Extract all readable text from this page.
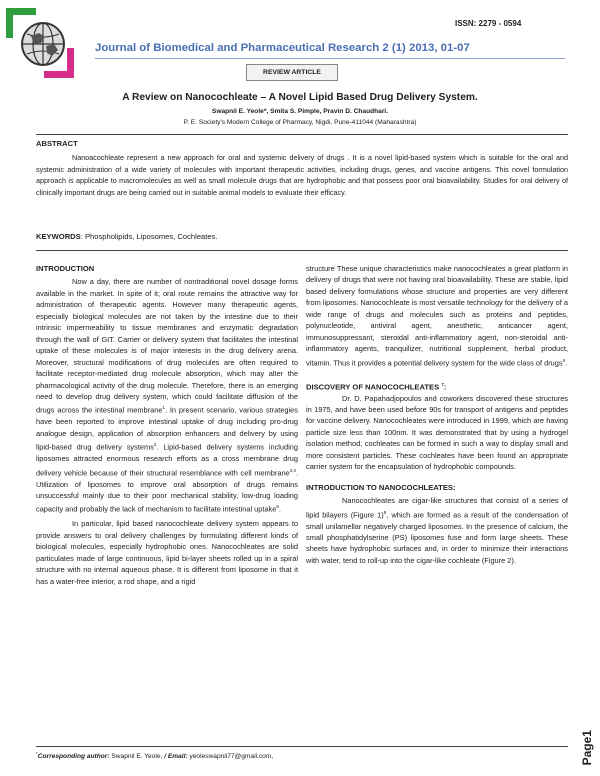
ISSN: 2279 - 0594
Journal of Biomedical and Pharmaceutical Research 2 (1) 2013, 01-07
REVIEW ARTICLE
A Review on Nanocochleate – A Novel Lipid Based Drug Delivery System.
Swapnil E. Yeole*, Smita S. Pimple, Pravin D. Chaudhari.
P. E. Society's Modern College of Pharmacy, Nigdi, Pune-411044 (Maharashtra)
ABSTRACT
Nanoacochleate represent a new approach for oral and systemic delivery of drugs . It is a novel lipid-based system which is suitable for the oral and systemic administration of a wide variety of molecules with important therapeutic activities, including drugs, genes, and vaccine antigens. This novel formulation approach is applicable to macromolecules as well as small molecule drugs that are hydrophobic and that possess poor oral bioavailability. Studies for oral delivery of clinically important drugs are being carried out in suitable animal models to evaluate their efficacy.
KEYWORDS: Phospholipids, Liposomes, Cochleates.
INTRODUCTION

Now a day, there are number of nontraditional novel dosage forms available in the market. In spite of it; oral route remains the attractive way for administration of therapeutic agents. However many therapeutic agents, especially biological molecules are not taken by the intestine due to their intrinsic impermeability to tissue membranes and enzymatic degradation through the wall of GIT. Carrier or delivery system that facilitates the intestinal uptake of these molecules is of major interests in the drug delivery arena. Moreover, structural modifications of drug molecules are often required to facilitate receptor-mediated drug molecule absorption, which may alter the pharmacological activity of the drug molecule. Therefore, there is an emerging need to develop drug delivery system, which could facilitate diffusion of the drugs across the intestinal membrane$^1$. In present scenario, various strategies have been reported to improve intestinal uptake of drug including pro-drug analogue design, application of absorption enhancers and delivery by using lipid-based drug delivery systems$^2$. Lipid-based delivery systems including liposomes attracted enormous research efforts as a cross membrane drug delivery vehicle because of their structural resemblance with cell membrane$^{3,4}$. Utilization of liposomes to improve oral absorption of drugs remains unsuccessful mainly due to their poor mechanical stability, low-drug loading capacity and probably the lack of mechanism to facilitate intestinal uptake$^5$.

In particular, lipid based nanocochleate delivery system appears to provide answers to oral delivery challenges by formulating different kinds of biological molecules, especially hydrophobic ones. Nanocochleates are solid particulates made of large continuous, lipid bi-layer sheets rolled up in a spiral structure with no internal aqueous phase. It is different from liposome in that it has a water-free interior, a rod shape, and a rigid

structure These unique characteristics make nanocochleates a great platform in delivery of drugs that were not having oral bioavailability. These are stable, lipid based delivery formulations whose structure and properties are very different from liposomes. Nanocochleate is most versatile technology for the delivery of a wide range of drugs and molecules such as proteins and peptides, polynucleotide, antiviral agent, anesthetic, anticancer agent, immunosuppressant, steroidal anti-inflammatory agent, non-steroidal anti-inflammatory agents, tranquilizer, nutritional supplement, herbal product, vitamin. Thus it provides a potential delivery system for the wide class of drugs$^6$.

DISCOVERY OF NANOCOCHLEATES $^7$:

Dr. D. Papahadjopoulos and coworkers discovered these structures in 1975, and have been used before 90s for transport of antigens and peptides for vaccine delivery. Nanocochleates were introduced in 1999, which are having particle size less than 100nm. It was demonstrated that by using a hydrogel isolation method, cochleates can be formed in such a way to display small and more consistent particles. These cochleates have been found an appropriate carrier system for the encapsulation of hydrophobic compounds.

INTRODUCTION TO NANOCOCHLEATES:

Nanocochleates are cigar-like structures that consist of a series of lipid bilayers (Figure 1)$^8$, which are formed as a result of the condensation of small unilamellar negatively charged liposomes. In the presence of calcium, the small phosphatidylserine (PS) liposomes fuse and form large sheets. These sheets have hydrophobic surfaces and, in order to minimize their interactions with water, tend to roll-up into the cigar-like cochleate (Figure 2).

*Corresponding author: Swapnil E. Yeole, / Email: yeoleswapnil77@gmail.com,	Page1
